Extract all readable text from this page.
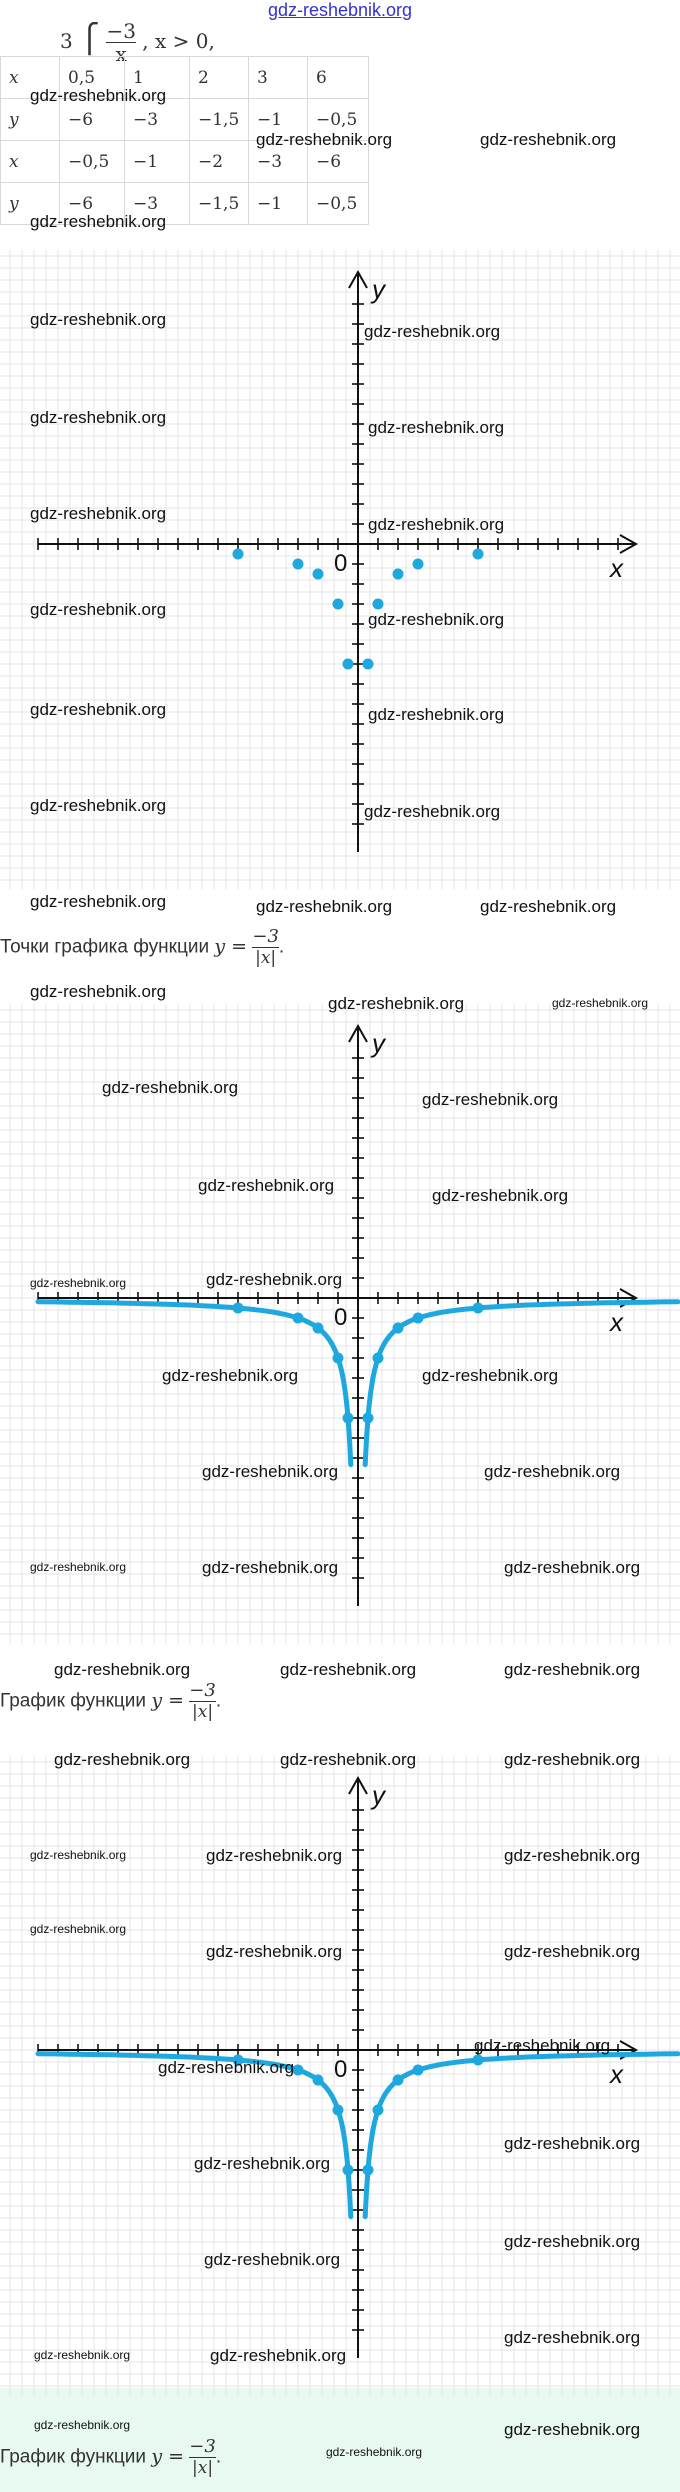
gdz-reshebnik.org
3 ⎧ $\frac{-3}{x}$ , x > 0,
x	0,5	1	2	3	6
y	−6	−3	−1,5	−1	−0,5
x	−0,5	−1	−2	−3	−6
y	−6	−3	−1,5	−1	−0,5
x
y
0
Точки графика функции $y = \frac{-3}{|x|}$ .
x
y
0
График функции $y = \frac{-3}{|x|}$ .
x
y
0
График функции $y = \frac{-3}{|x|}$ .
gdz-reshebnik.org
gdz-reshebnik.org
gdz-reshebnik.org	gdz-reshebnik.org
gdz-reshebnik.org
gdz-reshebnik.org
gdz-reshebnik.org
gdz-reshebnik.org
gdz-reshebnik.org
gdz-reshebnik.org
gdz-reshebnik.org
gdz-reshebnik.org
gdz-reshebnik.org	gdz-reshebnik.org
gdz-reshebnik.org	gdz-reshebnik.org
gdz-reshebnik.org	gdz-reshebnik.org	gdz-reshebnik.org
gdz-reshebnik.org
gdz-reshebnik.org	gdz-reshebnik.org
gdz-reshebnik.org
gdz-reshebnik.org
gdz-reshebnik.org
gdz-reshebnik.org
gdz-reshebnik.org	gdz-reshebnik.org
gdz-reshebnik.org	gdz-reshebnik.org
gdz-reshebnik.org	gdz-reshebnik.org
gdz-reshebnik.org	gdz-reshebnik.org	gdz-reshebnik.org
gdz-reshebnik.org	gdz-reshebnik.org	gdz-reshebnik.org
gdz-reshebnik.org	gdz-reshebnik.org	gdz-reshebnik.org
gdz-reshebnik.org	gdz-reshebnik.org	gdz-reshebnik.org
gdz-reshebnik.org
gdz-reshebnik.org	gdz-reshebnik.org
gdz-reshebnik.org
gdz-reshebnik.org
gdz-reshebnik.org
gdz-reshebnik.org
gdz-reshebnik.org
gdz-reshebnik.org
gdz-reshebnik.org	gdz-reshebnik.org
gdz-reshebnik.org
gdz-reshebnik.org	gdz-reshebnik.org
gdz-reshebnik.org
